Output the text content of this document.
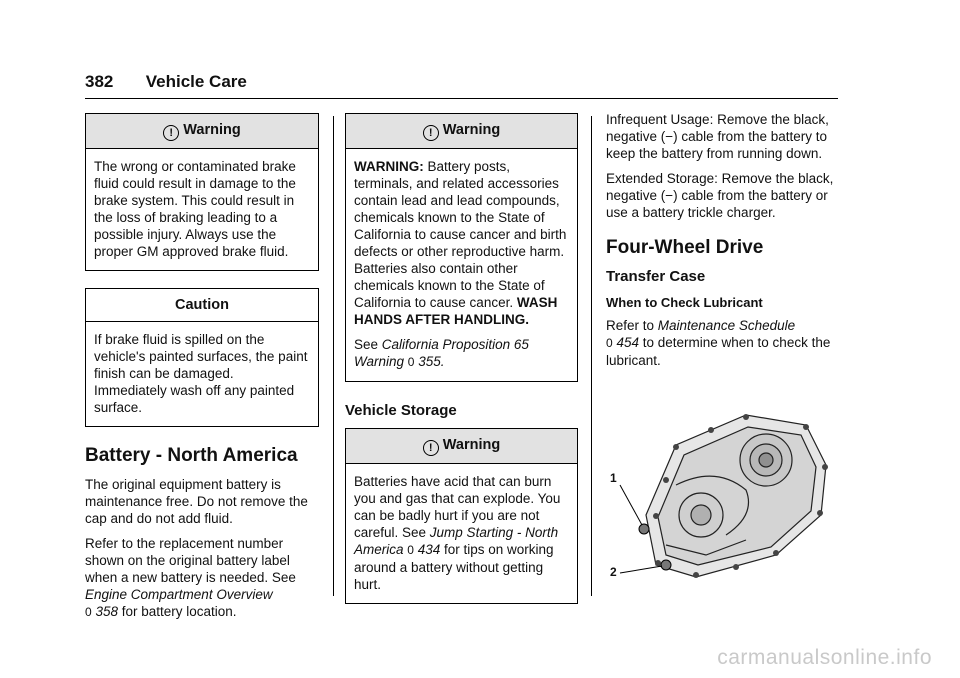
382 Vehicle Care
! Warning

The wrong or contaminated brake fluid could result in damage to the brake system. This could result in the loss of braking leading to a possible injury. Always use the proper GM approved brake fluid.

Caution

If brake fluid is spilled on the vehicle's painted surfaces, the paint finish can be damaged. Immediately wash off any painted surface.

Battery - North America

The original equipment battery is maintenance free. Do not remove the cap and do not add fluid.

Refer to the replacement number shown on the original battery label when a new battery is needed. See Engine Compartment Overview
0 358 for battery location.

! Warning

WARNING: Battery posts, terminals, and related accessories contain lead and lead compounds, chemicals known to the State of California to cause cancer and birth defects or other reproductive harm. Batteries also contain other chemicals known to the State of California to cause cancer. WASH HANDS AFTER HANDLING.

See California Proposition 65 Warning 0 355.

Vehicle Storage
! Warning

Batteries have acid that can burn you and gas that can explode. You can be badly hurt if you are not careful. See Jump Starting - North America 0 434 for tips on working around a battery without getting hurt.

Infrequent Usage: Remove the black, negative (−) cable from the battery to keep the battery from running down.

Extended Storage: Remove the black, negative (−) cable from the battery or use a battery trickle charger.

Four-Wheel Drive
Transfer Case
When to Check Lubricant

Refer to Maintenance Schedule
0 454 to determine when to check the lubricant.

1
2
carmanualsonline.info
